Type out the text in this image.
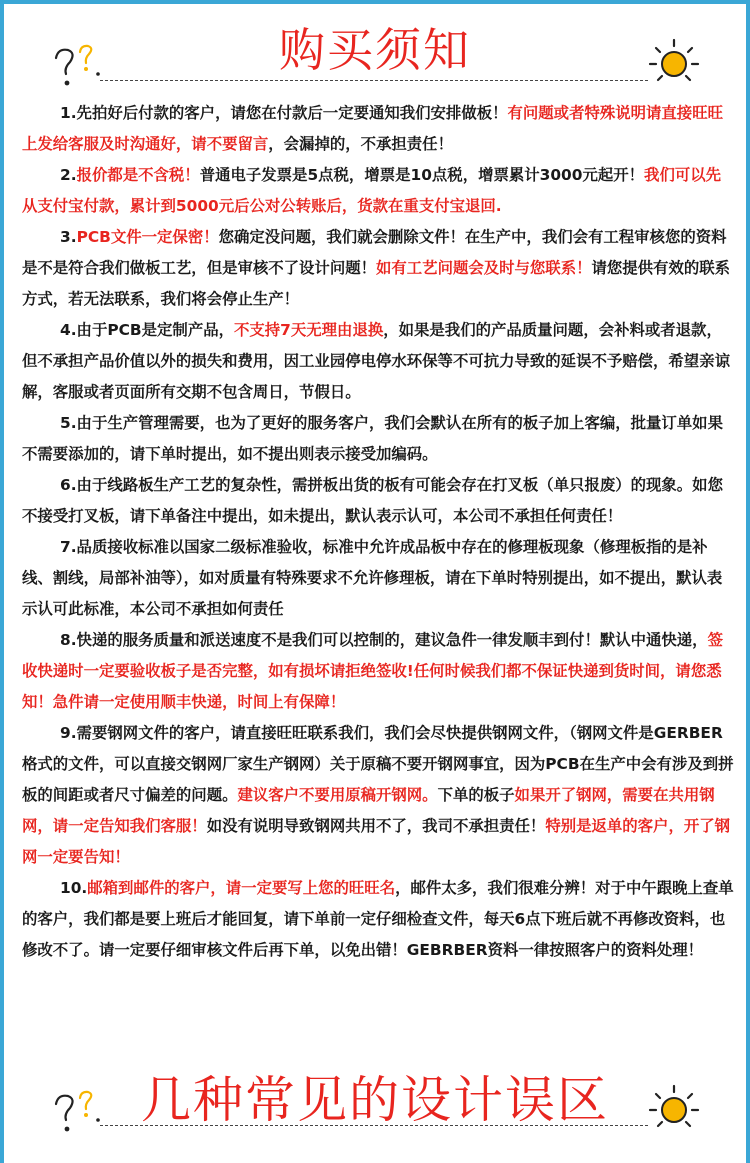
购买须知

1.先拍好后付款的客户，请您在付款后一定要通知我们安排做板！有问题或者特殊说明请直接旺旺上发给客服及时沟通好，请不要留言，会漏掉的，不承担责任！

2.报价都是不含税！普通电子发票是5点税，增票是10点税，增票累计3000元起开！我们可以先从支付宝付款，累计到5000元后公对公转账后，货款在重支付宝退回.

3.PCB文件一定保密！您确定没问题，我们就会删除文件！在生产中，我们会有工程审核您的资料是不是符合我们做板工艺，但是审核不了设计问题！如有工艺问题会及时与您联系！请您提供有效的联系方式，若无法联系，我们将会停止生产！

4.由于PCB是定制产品，不支持7天无理由退换，如果是我们的产品质量问题，会补料或者退款，但不承担产品价值以外的损失和费用，因工业园停电停水环保等不可抗力导致的延误不予赔偿，希望亲谅解，客服或者页面所有交期不包含周日，节假日。

5.由于生产管理需要，也为了更好的服务客户，我们会默认在所有的板子加上客编，批量订单如果不需要添加的，请下单时提出，如不提出则表示接受加编码。

6.由于线路板生产工艺的复杂性，需拼板出货的板有可能会存在打叉板（单只报废）的现象。如您不接受打叉板，请下单备注中提出，如未提出，默认表示认可，本公司不承担任何责任！

7.品质接收标准以国家二级标准验收，标准中允许成品板中存在的修理板现象（修理板指的是补线、割线，局部补油等），如对质量有特殊要求不允许修理板，请在下单时特别提出，如不提出，默认表示认可此标准，本公司不承担如何责任

8.快递的服务质量和派送速度不是我们可以控制的，建议急件一律发顺丰到付！默认中通快递，签收快递时一定要验收板子是否完整，如有损坏请拒绝签收!任何时候我们都不保证快递到货时间，请您悉知！急件请一定使用顺丰快递，时间上有保障！

9.需要钢网文件的客户，请直接旺旺联系我们，我们会尽快提供钢网文件，（钢网文件是GERBER格式的文件，可以直接交钢网厂家生产钢网）关于原稿不要开钢网事宜，因为PCB在生产中会有涉及到拼板的间距或者尺寸偏差的问题。建议客户不要用原稿开钢网。下单的板子如果开了钢网，需要在共用钢网，请一定告知我们客服！如没有说明导致钢网共用不了，我司不承担责任！特别是返单的客户，开了钢网一定要告知！

10.邮箱到邮件的客户，请一定要写上您的旺旺名，邮件太多，我们很难分辨！对于中午跟晚上查单的客户，我们都是要上班后才能回复，请下单前一定仔细检查文件，每天6点下班后就不再修改资料，也修改不了。请一定要仔细审核文件后再下单，以免出错！GEBRBER资料一律按照客户的资料处理！

几种常见的设计误区
